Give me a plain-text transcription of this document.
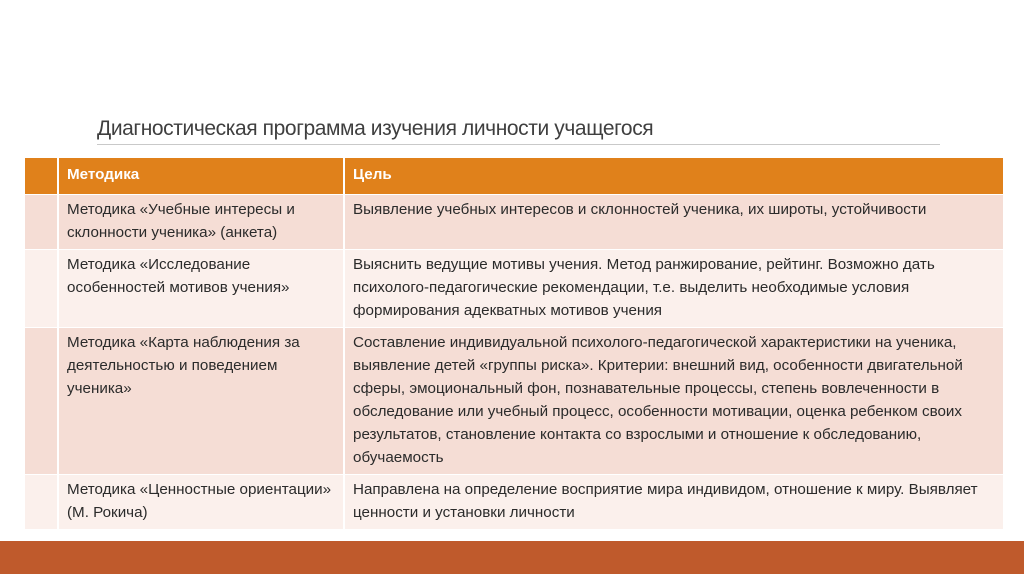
Диагностическая программа изучения личности учащегося
	Методика	Цель
	Методика «Учебные интересы и склонности ученика» (анкета)	Выявление учебных интересов и склонностей ученика, их широты, устойчивости
	Методика «Исследование особенностей мотивов учения»	Выяснить ведущие мотивы учения. Метод ранжирование, рейтинг. Возможно дать психолого-педагогические рекомендации, т.е. выделить необходимые условия формирования адекватных мотивов учения
	Методика «Карта наблюдения за деятельностью и поведением ученика»	Составление индивидуальной психолого-педагогической характеристики на ученика, выявление детей «группы риска». Критерии: внешний вид, особенности двигательной сферы, эмоциональный фон, познавательные процессы, степень вовлеченности в обследование или учебный процесс, особенности мотивации, оценка ребенком своих результатов, становление контакта со взрослыми и отношение к обследованию, обучаемость
	Методика «Ценностные ориентации» (М. Рокича)	Направлена на определение восприятие мира индивидом, отношение к миру. Выявляет ценности и установки личности
